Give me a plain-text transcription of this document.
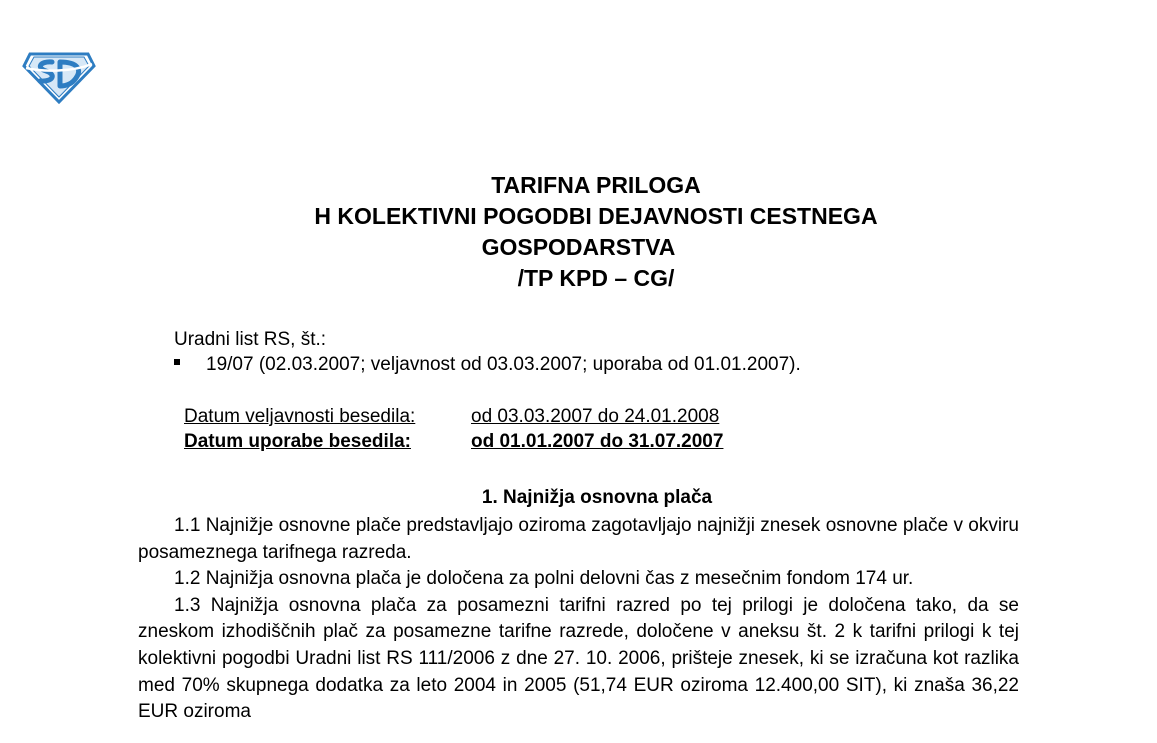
TARIFNA PRILOGA
H KOLEKTIVNI POGODBI DEJAVNOSTI CESTNEGA
GOSPODARSTVA
/TP KPD – CG/
Uradni list RS, št.:
19/07 (02.03.2007; veljavnost od 03.03.2007; uporaba od 01.01.2007).
Datum veljavnosti besedila:	od 03.03.2007 do 24.01.2008
Datum uporabe besedila:	od 01.01.2007 do 31.07.2007
1. Najnižja osnovna plača

1.1 Najnižje osnovne plače predstavljajo oziroma zagotavljajo najnižji znesek osnovne plače v okviru posameznega tarifnega razreda.

1.2 Najnižja osnovna plača je določena za polni delovni čas z mesečnim fondom 174 ur.

1.3 Najnižja osnovna plača za posamezni tarifni razred po tej prilogi je določena tako, da se zneskom izhodiščnih plač za posamezne tarifne razrede, določene v aneksu št. 2 k tarifni prilogi k tej kolektivni pogodbi Uradni list RS 111/2006 z dne 27. 10. 2006, prišteje znesek, ki se izračuna kot razlika med 70% skupnega dodatka za leto 2004 in 2005 (51,74 EUR oziroma 12.400,00 SIT), ki znaša 36,22 EUR oziroma
